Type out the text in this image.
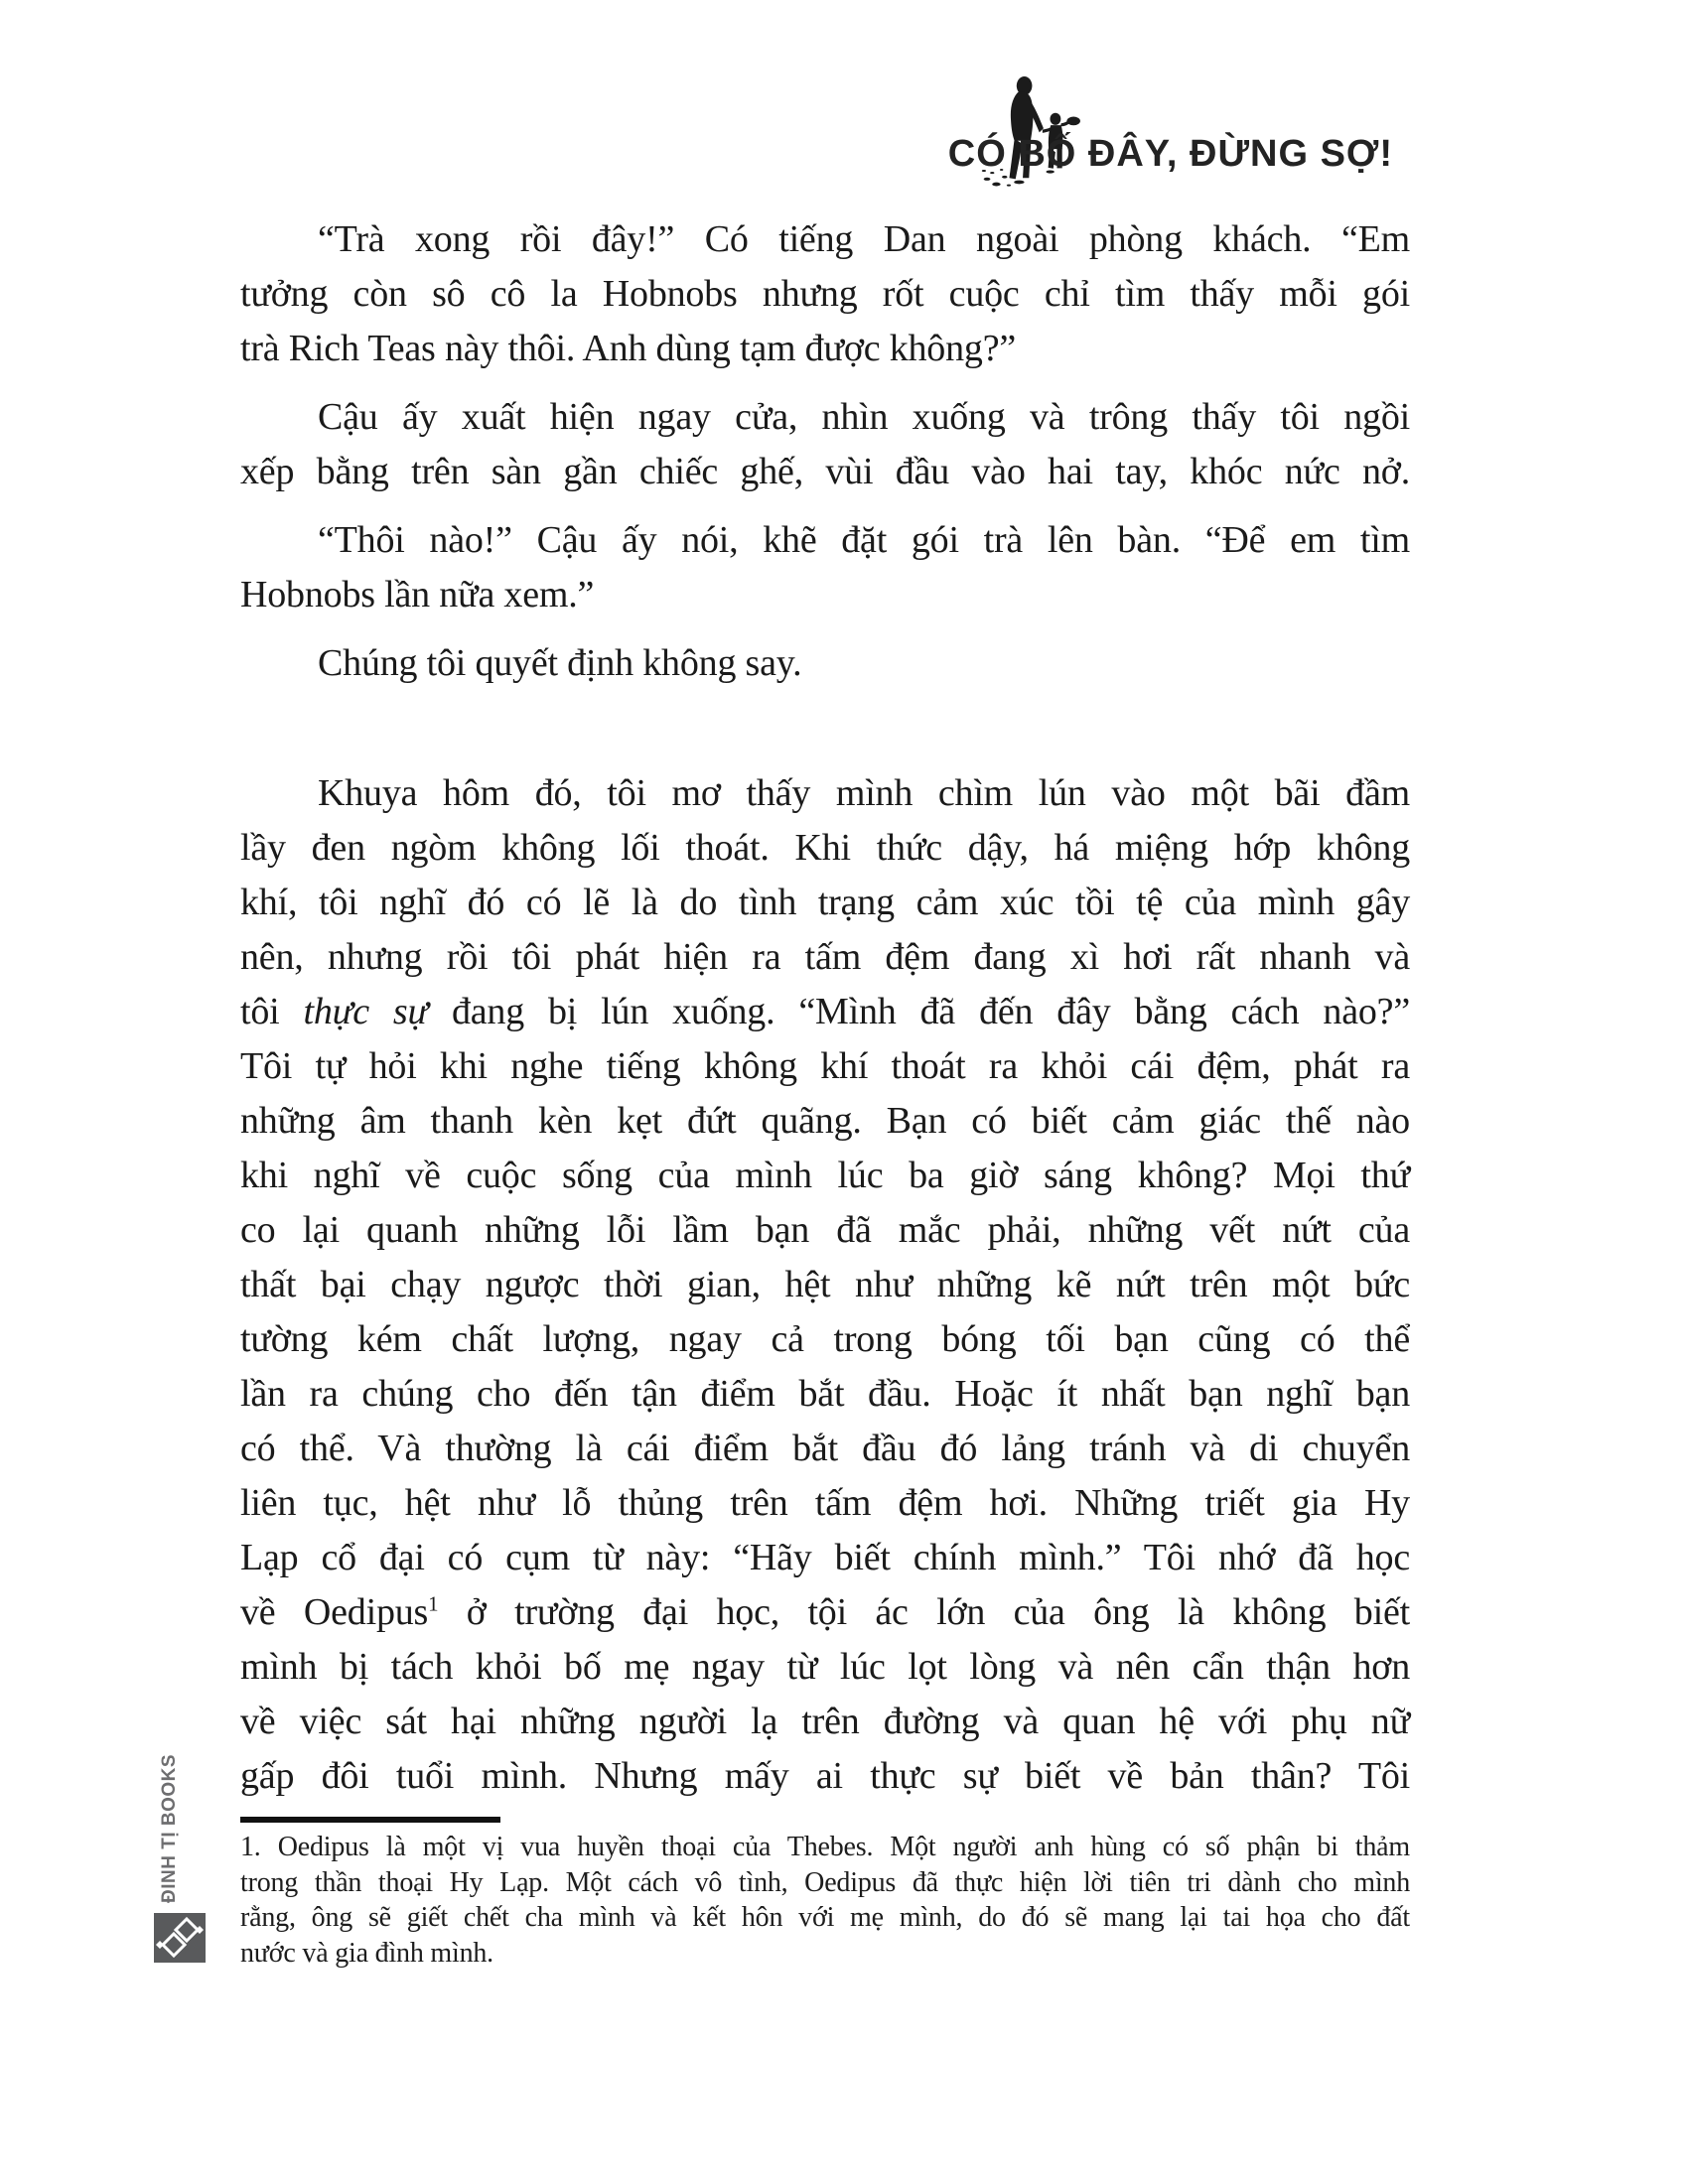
CÓ BỐ ĐÂY, ĐỪNG SỢ!
“Trà xong rồi đây!” Có tiếng Dan ngoài phòng khách. “Em
tưởng còn sô cô la Hobnobs nhưng rốt cuộc chỉ tìm thấy mỗi gói
trà Rich Teas này thôi. Anh dùng tạm được không?”
Cậu ấy xuất hiện ngay cửa, nhìn xuống và trông thấy tôi ngồi
xếp bằng trên sàn gần chiếc ghế, vùi đầu vào hai tay, khóc nức nở.
“Thôi nào!” Cậu ấy nói, khẽ đặt gói trà lên bàn. “Để em tìm
Hobnobs lần nữa xem.”
Chúng tôi quyết định không say.
Khuya hôm đó, tôi mơ thấy mình chìm lún vào một bãi đầm
lầy đen ngòm không lối thoát. Khi thức dậy, há miệng hớp không
khí, tôi nghĩ đó có lẽ là do tình trạng cảm xúc tồi tệ của mình gây
nên, nhưng rồi tôi phát hiện ra tấm đệm đang xì hơi rất nhanh và
tôi thực sự đang bị lún xuống. “Mình đã đến đây bằng cách nào?”
Tôi tự hỏi khi nghe tiếng không khí thoát ra khỏi cái đệm, phát ra
những âm thanh kèn kẹt đứt quãng. Bạn có biết cảm giác thế nào
khi nghĩ về cuộc sống của mình lúc ba giờ sáng không? Mọi thứ
co lại quanh những lỗi lầm bạn đã mắc phải, những vết nứt của
thất bại chạy ngược thời gian, hệt như những kẽ nứt trên một bức
tường kém chất lượng, ngay cả trong bóng tối bạn cũng có thể
lần ra chúng cho đến tận điểm bắt đầu. Hoặc ít nhất bạn nghĩ bạn
có thể. Và thường là cái điểm bắt đầu đó lảng tránh và di chuyển
liên tục, hệt như lỗ thủng trên tấm đệm hơi. Những triết gia Hy
Lạp cổ đại có cụm từ này: “Hãy biết chính mình.” Tôi nhớ đã học
về Oedipus$^1$ ở trường đại học, tội ác lớn của ông là không biết
mình bị tách khỏi bố mẹ ngay từ lúc lọt lòng và nên cẩn thận hơn
về việc sát hại những người lạ trên đường và quan hệ với phụ nữ
gấp đôi tuổi mình. Nhưng mấy ai thực sự biết về bản thân? Tôi
1. Oedipus là một vị vua huyền thoại của Thebes. Một người anh hùng có số phận bi thảm
trong thần thoại Hy Lạp. Một cách vô tình, Oedipus đã thực hiện lời tiên tri dành cho mình
rằng, ông sẽ giết chết cha mình và kết hôn với mẹ mình, do đó sẽ mang lại tai họa cho đất
nước và gia đình mình.
ĐINH TỊ BOOKS
